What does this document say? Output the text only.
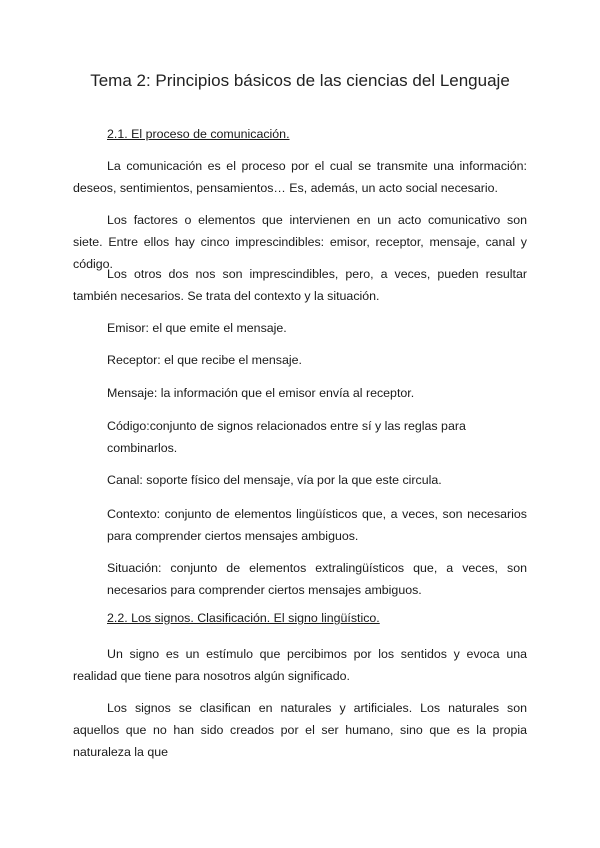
Tema 2: Principios básicos de las ciencias del Lenguaje

2.1. El proceso de comunicación.

La comunicación es el proceso por el cual se transmite una información: deseos, sentimientos, pensamientos… Es, además, un acto social necesario.

Los factores o elementos que intervienen en un acto comunicativo son siete. Entre ellos hay cinco imprescindibles: emisor, receptor, mensaje, canal y código.

Los otros dos nos son imprescindibles, pero, a veces, pueden resultar también necesarios. Se trata del contexto y la situación.

Emisor: el que emite el mensaje.

Receptor: el que recibe el mensaje.

Mensaje: la información que el emisor envía al receptor.

Código:conjunto de signos relacionados entre sí y las reglas para combinarlos.

Canal: soporte físico del mensaje, vía por la que este circula.

Contexto: conjunto de elementos lingüísticos que, a veces, son necesarios para comprender ciertos mensajes ambiguos.

Situación: conjunto de elementos extralingüísticos que, a veces, son necesarios para comprender ciertos mensajes ambiguos.

2.2. Los signos. Clasificación. El signo lingüístico.

Un signo es un estímulo que percibimos por los sentidos y evoca una realidad que tiene para nosotros algún significado.

Los signos se clasifican en naturales y artificiales. Los naturales son aquellos que no han sido creados por el ser humano, sino que es la propia naturaleza la que
